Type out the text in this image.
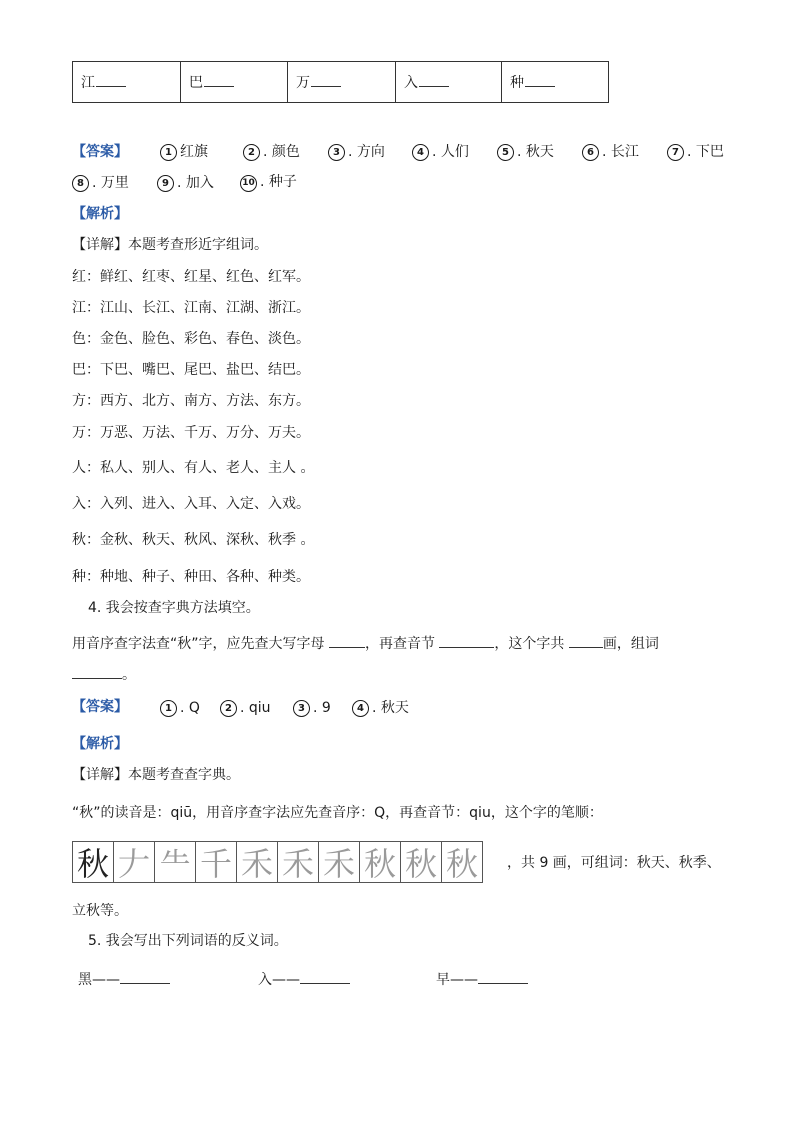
江	巴	万	入	种
【答案】	1 红旗	2 . 颜色	3 . 方向	4 . 人们	5 . 秋天	6 . 长江	7 . 下巴
8 . 万里	9 . 加入	10 . 种子
【解析】
【详解】本题考查形近字组词。
红：鲜红、红枣、红星、红色、红军。
江：江山、长江、江南、江湖、浙江。
色：金色、脸色、彩色、春色、淡色。
巴：下巴、嘴巴、尾巴、盐巴、结巴。
方：西方、北方、南方、方法、东方。
万：万恶、万法、千万、万分、万夫。
人：私人、别人、有人、老人、主人 。
入：入列、进入、入耳、入定、入戏。
秋：金秋、秋天、秋风、深秋、秋季 。
种：种地、种子、种田、各种、种类。
4. 我会按查字典方法填空。
用音序查字法查“秋”字，应先查大写字母	，再查音节	，这个字共	画，组词
。
【答案】	1 . Q	2 . qiu	3 . 9	4 . 秋天
【解析】
【详解】本题考查查字典。
“秋”的读音是：qiū，用音序查字法应先查音序：Q，再查音节：qiu，这个字的笔顺：
秋 𠂇 ⺧ 千 禾 禾 禾 秋 秋 秋 ，共 9 画，可组词：秋天、秋季、
立秋等。
5. 我会写出下列词语的反义词。
黑——	入——	早——
